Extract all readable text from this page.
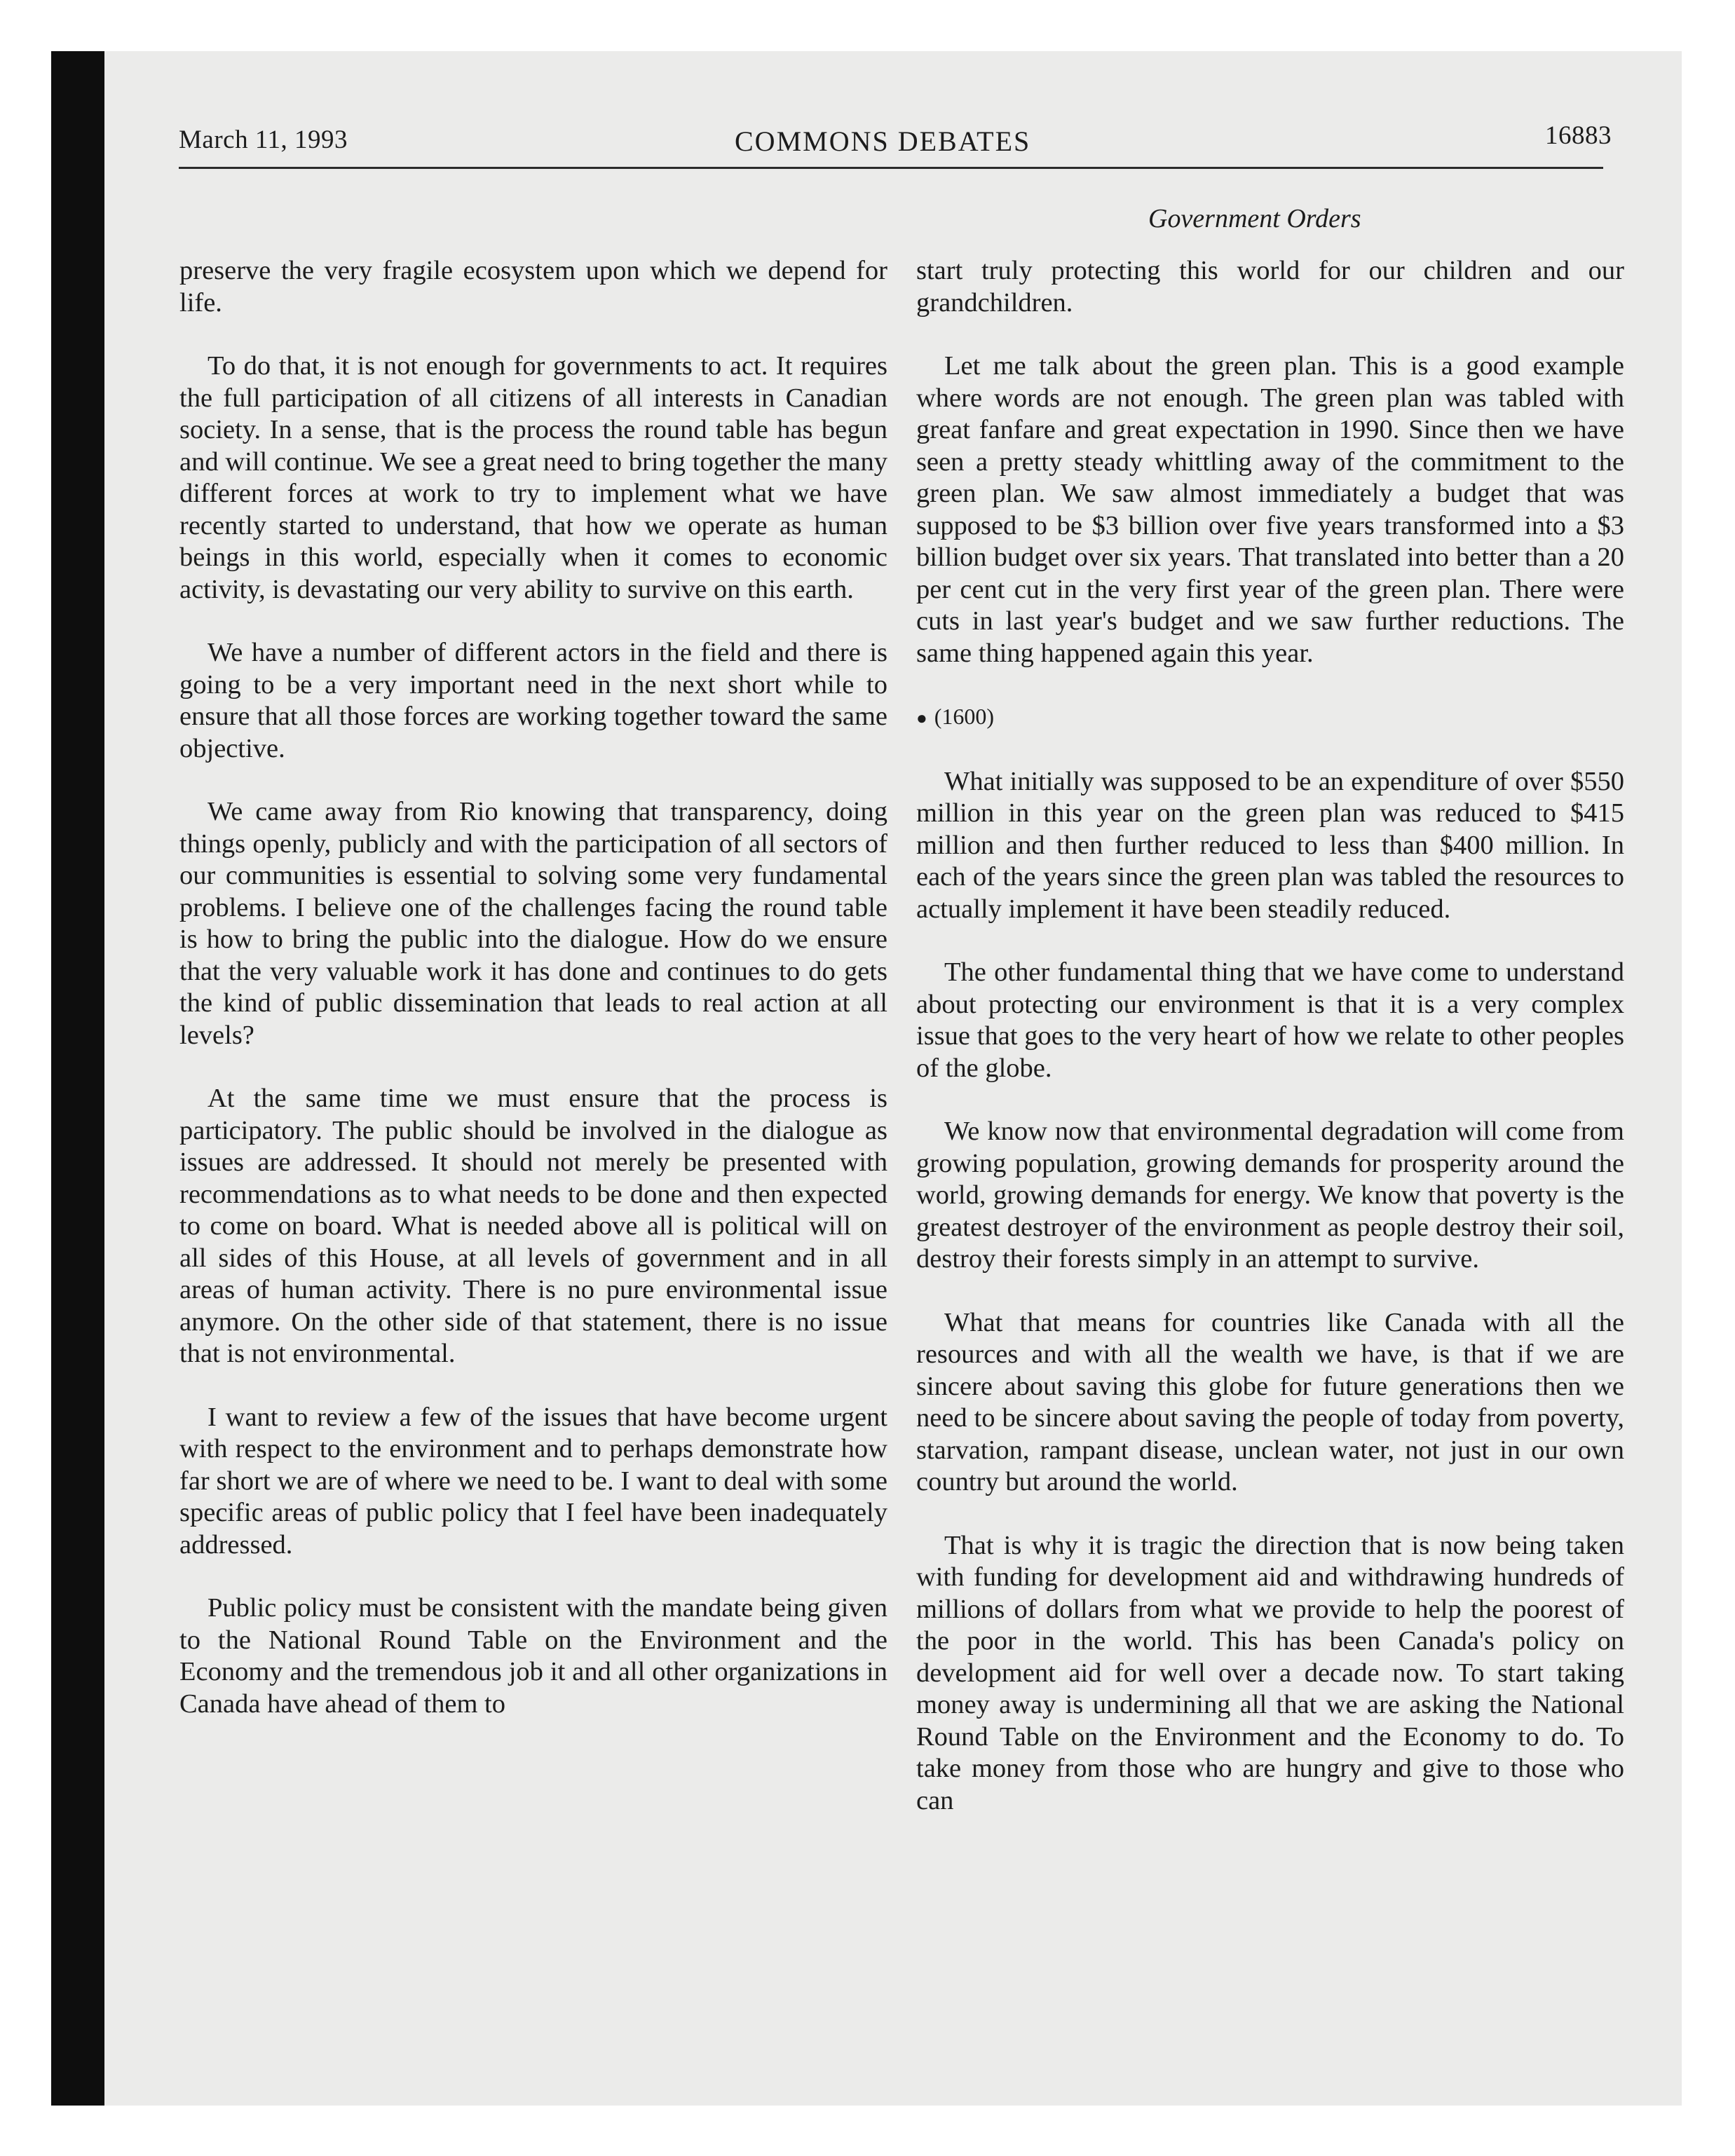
March 11, 1993	COMMONS DEBATES	16883
Government Orders

preserve the very fragile ecosystem upon which we depend for life.

To do that, it is not enough for governments to act. It requires the full participation of all citizens of all interests in Canadian society. In a sense, that is the process the round table has begun and will continue. We see a great need to bring together the many different forces at work to try to implement what we have recently started to understand, that how we operate as human beings in this world, especially when it comes to economic activity, is devastating our very ability to survive on this earth.

We have a number of different actors in the field and there is going to be a very important need in the next short while to ensure that all those forces are working together toward the same objective.

We came away from Rio knowing that transparency, doing things openly, publicly and with the participation of all sectors of our communities is essential to solving some very fundamental problems. I believe one of the challenges facing the round table is how to bring the public into the dialogue. How do we ensure that the very valuable work it has done and continues to do gets the kind of public dissemination that leads to real action at all levels?

At the same time we must ensure that the process is participatory. The public should be involved in the dialogue as issues are addressed. It should not merely be presented with recommendations as to what needs to be done and then expected to come on board. What is needed above all is political will on all sides of this House, at all levels of government and in all areas of human activity. There is no pure environmental issue anymore. On the other side of that statement, there is no issue that is not environmental.

I want to review a few of the issues that have become urgent with respect to the environment and to perhaps demonstrate how far short we are of where we need to be. I want to deal with some specific areas of public policy that I feel have been inadequately addressed.

Public policy must be consistent with the mandate being given to the National Round Table on the Environment and the Economy and the tremendous job it and all other organizations in Canada have ahead of them to

start truly protecting this world for our children and our grandchildren.

Let me talk about the green plan. This is a good example where words are not enough. The green plan was tabled with great fanfare and great expectation in 1990. Since then we have seen a pretty steady whittling away of the commitment to the green plan. We saw almost immediately a budget that was supposed to be $3 billion over five years transformed into a $3 billion budget over six years. That translated into better than a 20 per cent cut in the very first year of the green plan. There were cuts in last year's budget and we saw further reductions. The same thing happened again this year.

● (1600)

What initially was supposed to be an expenditure of over $550 million in this year on the green plan was reduced to $415 million and then further reduced to less than $400 million. In each of the years since the green plan was tabled the resources to actually implement it have been steadily reduced.

The other fundamental thing that we have come to understand about protecting our environment is that it is a very complex issue that goes to the very heart of how we relate to other peoples of the globe.

We know now that environmental degradation will come from growing population, growing demands for prosperity around the world, growing demands for energy. We know that poverty is the greatest destroyer of the environment as people destroy their soil, destroy their forests simply in an attempt to survive.

What that means for countries like Canada with all the resources and with all the wealth we have, is that if we are sincere about saving this globe for future generations then we need to be sincere about saving the people of today from poverty, starvation, rampant disease, unclean water, not just in our own country but around the world.

That is why it is tragic the direction that is now being taken with funding for development aid and withdrawing hundreds of millions of dollars from what we provide to help the poorest of the poor in the world. This has been Canada's policy on development aid for well over a decade now. To start taking money away is undermining all that we are asking the National Round Table on the Environment and the Economy to do. To take money from those who are hungry and give to those who can
